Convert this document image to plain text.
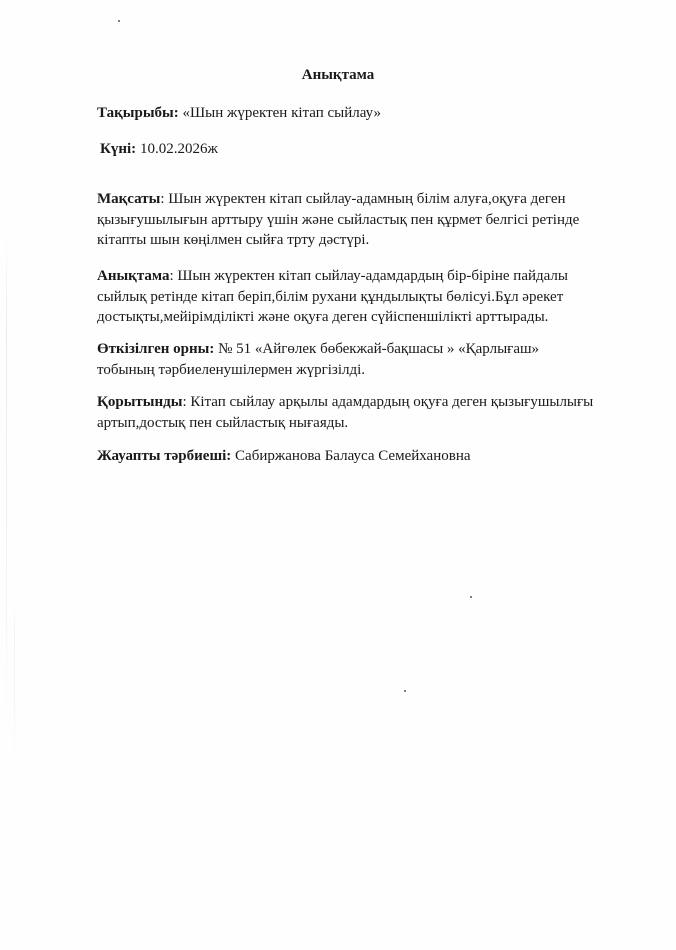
Анықтама
Тақырыбы: «Шын жүректен кітап сыйлау»
Күні: 10.02.2026ж
Мақсаты: Шын жүректен кітап сыйлау-адамның білім алуға,оқуға деген
қызығушылығын арттыру үшін және сыйластық пен құрмет белгісі ретінде
кітапты шын көңілмен сыйға трту дәстүрі.
Анықтама: Шын жүректен кітап сыйлау-адамдардың бір-біріне пайдалы
сыйлық ретінде кітап беріп,білім рухани құндылықты бөлісуі.Бұл әрекет
достықты,мейірімділікті және оқуға деген сүйіспеншілікті арттырады.
Өткізілген орны: № 51 «Айгөлек бөбекжай-бақшасы » «Қарлығаш»
тобының тәрбиеленушілермен жүргізілді.
Қорытынды: Кітап сыйлау арқылы адамдардың оқуға деген қызығушылығы
артып,достық пен сыйластық нығаяды.
Жауапты тәрбиеші: Сабиржанова Балауса Семейхановна
